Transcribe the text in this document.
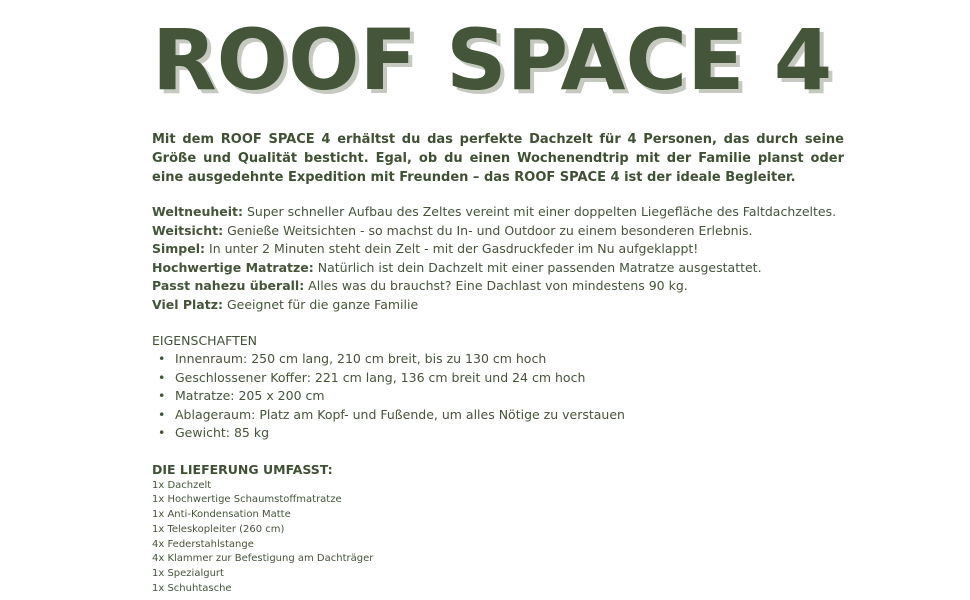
ROOF SPACE 4
Mit dem ROOF SPACE 4 erhältst du das perfekte Dachzelt für 4 Personen, das durch seine Größe und Qualität besticht. Egal, ob du einen Wochenendtrip mit der Familie planst oder eine ausgedehnte Expedition mit Freunden – das ROOF SPACE 4 ist der ideale Begleiter.
Weltneuheit: Super schneller Aufbau des Zeltes vereint mit einer doppelten Liegefläche des Faltdachzeltes.
Weitsicht: Genieße Weitsichten - so machst du In- und Outdoor zu einem besonderen Erlebnis.
Simpel: In unter 2 Minuten steht dein Zelt - mit der Gasdruckfeder im Nu aufgeklappt!
Hochwertige Matratze: Natürlich ist dein Dachzelt mit einer passenden Matratze ausgestattet.
Passt nahezu überall: Alles was du brauchst? Eine Dachlast von mindestens 90 kg.
Viel Platz: Geeignet für die ganze Familie
EIGENSCHAFTEN
• Innenraum: 250 cm lang, 210 cm breit, bis zu 130 cm hoch
• Geschlossener Koffer: 221 cm lang, 136 cm breit und 24 cm hoch
• Matratze: 205 x 200 cm
• Ablageraum: Platz am Kopf- und Fußende, um alles Nötige zu verstauen
• Gewicht: 85 kg
DIE LIEFERUNG UMFASST:
1x Dachzelt
1x Hochwertige Schaumstoffmatratze
1x Anti-Kondensation Matte
1x Teleskopleiter (260 cm)
4x Federstahlstange
4x Klammer zur Befestigung am Dachträger
1x Spezialgurt
1x Schuhtasche
